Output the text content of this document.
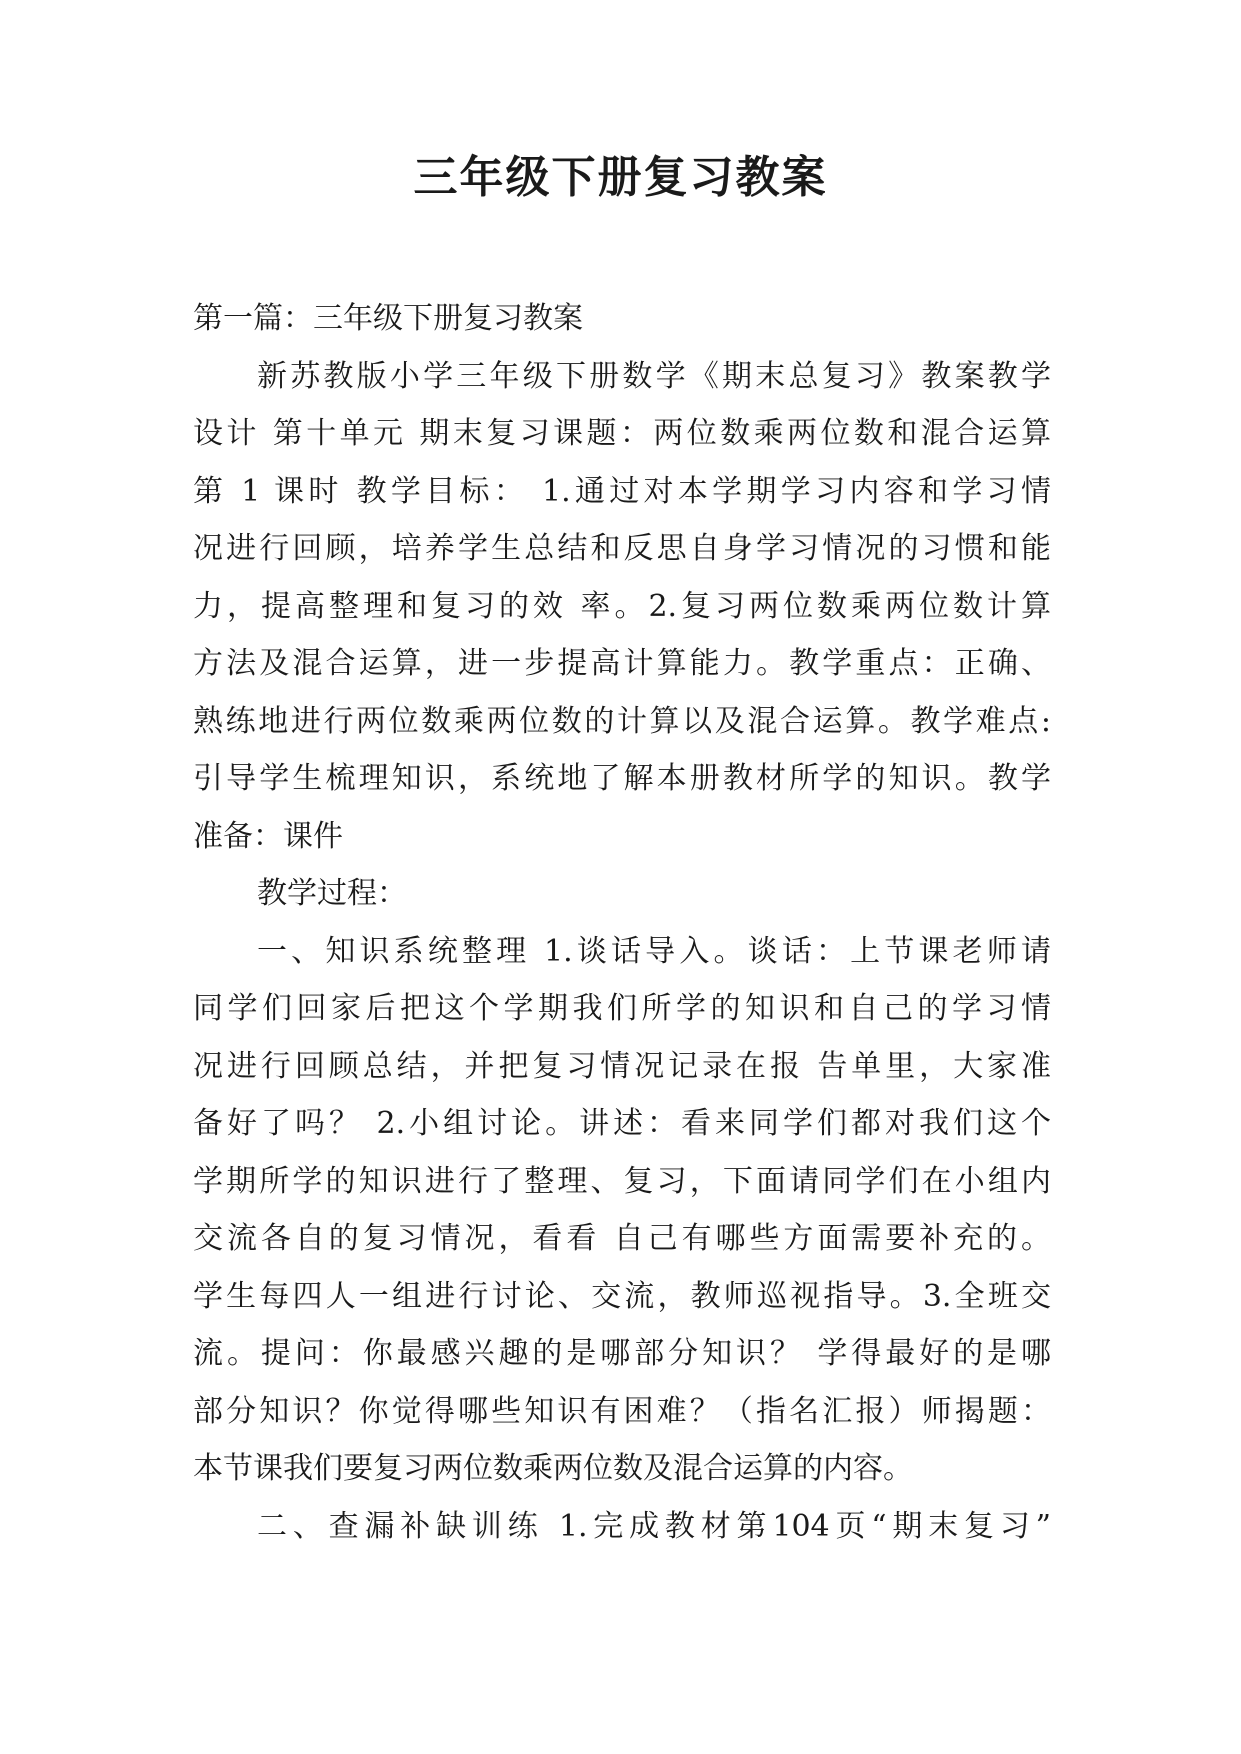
三年级下册复习教案
第一篇：三年级下册复习教案
新苏教版小学三年级下册数学《期末总复习》教案教学
设计 第十单元 期末复习课题：两位数乘两位数和混合运算
第 1 课时 教学目标： 1.通过对本学期学习内容和学习情
况进行回顾，培养学生总结和反思自身学习情况的习惯和能
力，提高整理和复习的效 率。2.复习两位数乘两位数计算
方法及混合运算，进一步提高计算能力。教学重点：正确、
熟练地进行两位数乘两位数的计算以及混合运算。教学难点:
引导学生梳理知识，系统地了解本册教材所学的知识。教学
准备：课件
教学过程：
一、知识系统整理 1.谈话导入。谈话：上节课老师请
同学们回家后把这个学期我们所学的知识和自己的学习情
况进行回顾总结，并把复习情况记录在报 告单里，大家准
备好了吗？ 2.小组讨论。讲述：看来同学们都对我们这个
学期所学的知识进行了整理、复习，下面请同学们在小组内
交流各自的复习情况，看看 自己有哪些方面需要补充的。
学生每四人一组进行讨论、交流，教师巡视指导。3.全班交
流。提问：你最感兴趣的是哪部分知识？ 学得最好的是哪
部分知识？你觉得哪些知识有困难？（指名汇报）师揭题：
本节课我们要复习两位数乘两位数及混合运算的内容。
二、查漏补缺训练 1.完成教材第104页“期末复习”
